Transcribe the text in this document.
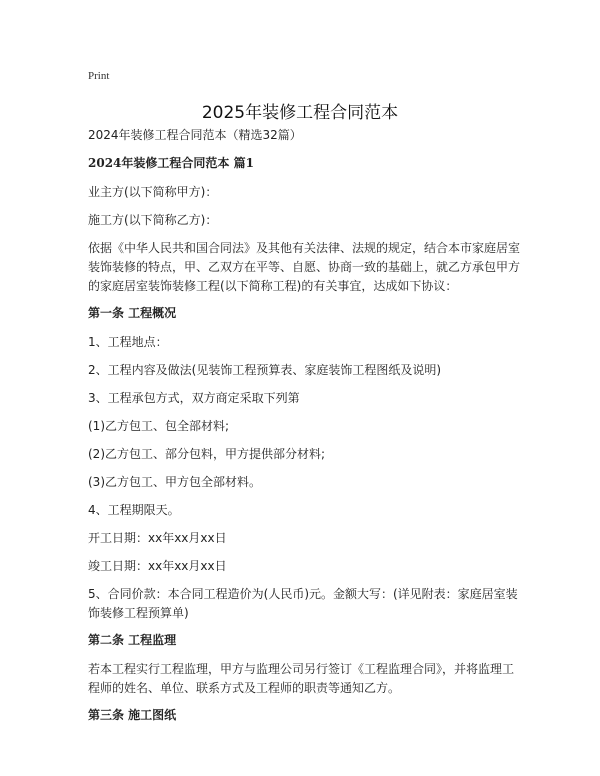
Print
2025年装修工程合同范本

2024年装修工程合同范本（精选32篇）

2024年装修工程合同范本 篇1

业主方(以下简称甲方)：

施工方(以下简称乙方)：

依据《中华人民共和国合同法》及其他有关法律、法规的规定，结合本市家庭居室装饰装修的特点，甲、乙双方在平等、自愿、协商一致的基础上，就乙方承包甲方的家庭居室装饰装修工程(以下简称工程)的有关事宜，达成如下协议：

第一条 工程概况

1、工程地点：

2、工程内容及做法(见装饰工程预算表、家庭装饰工程图纸及说明)

3、工程承包方式，双方商定采取下列第

(1)乙方包工、包全部材料;

(2)乙方包工、部分包料，甲方提供部分材料;

(3)乙方包工、甲方包全部材料。

4、工程期限天。

开工日期：xx年xx月xx日

竣工日期：xx年xx月xx日

5、合同价款：本合同工程造价为(人民币)元。金额大写：(详见附表：家庭居室装饰装修工程预算单)

第二条 工程监理

若本工程实行工程监理，甲方与监理公司另行签订《工程监理合同》，并将监理工程师的姓名、单位、联系方式及工程师的职责等通知乙方。

第三条 施工图纸
